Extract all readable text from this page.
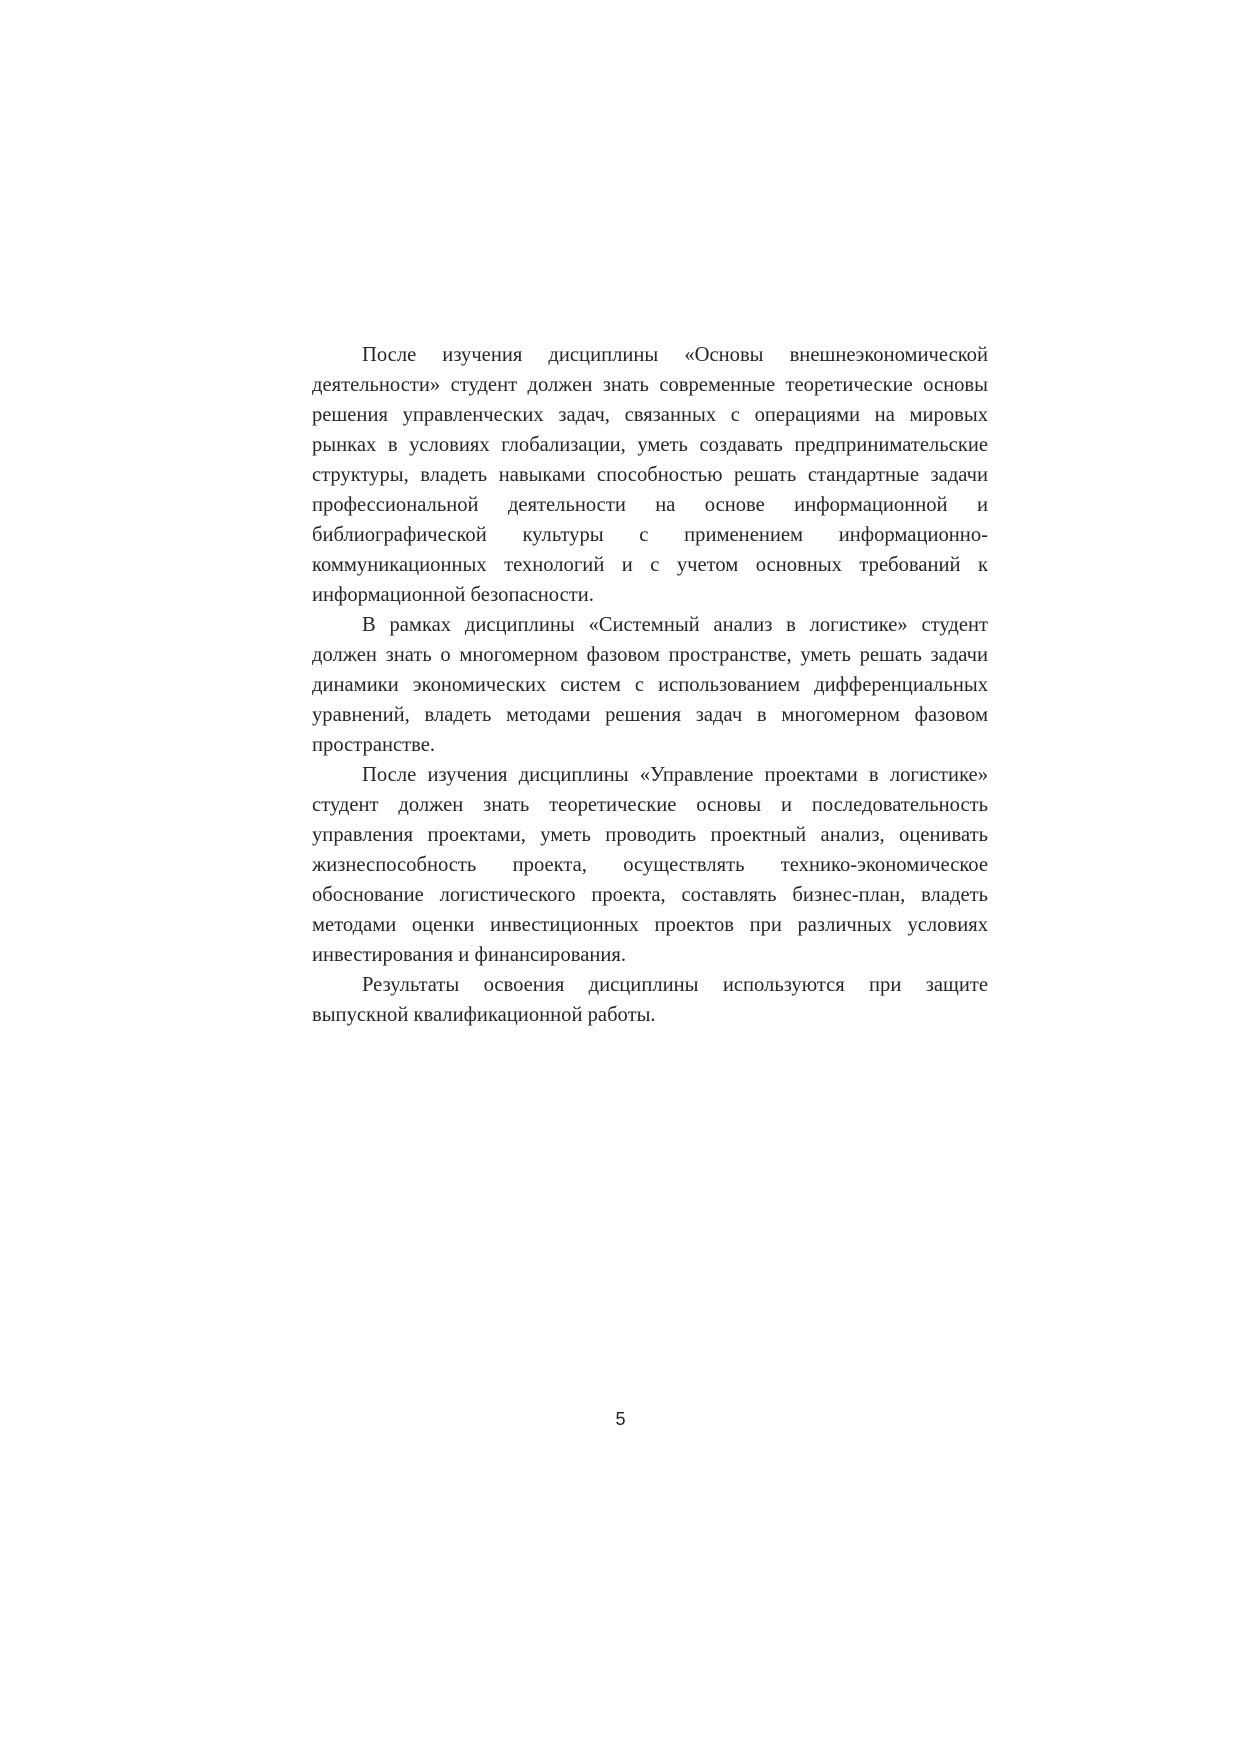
После изучения дисциплины «Основы внешнеэкономической деятельности» студент должен знать современные теоретические основы решения управленческих задач, связанных с операциями на мировых рынках в условиях глобализации, уметь создавать предпринимательские структуры, владеть навыками способностью решать стандартные задачи профессиональной деятельности на основе информационной и библиографической культуры с применением информационно-коммуникационных технологий и с учетом основных требований к информационной безопасности.

В рамках дисциплины «Системный анализ в логистике» студент должен знать о многомерном фазовом пространстве, уметь решать задачи динамики экономических систем с использованием дифференциальных уравнений, владеть методами решения задач в многомерном фазовом пространстве.

После изучения дисциплины «Управление проектами в логистике» студент должен знать теоретические основы и последовательность управления проектами, уметь проводить проектный анализ, оценивать жизнеспособность проекта, осуществлять технико-экономическое обоснование логистического проекта, составлять бизнес-план, владеть методами оценки инвестиционных проектов при различных условиях инвестирования и финансирования.

Результаты освоения дисциплины используются при защите выпускной квалификационной работы.

5
